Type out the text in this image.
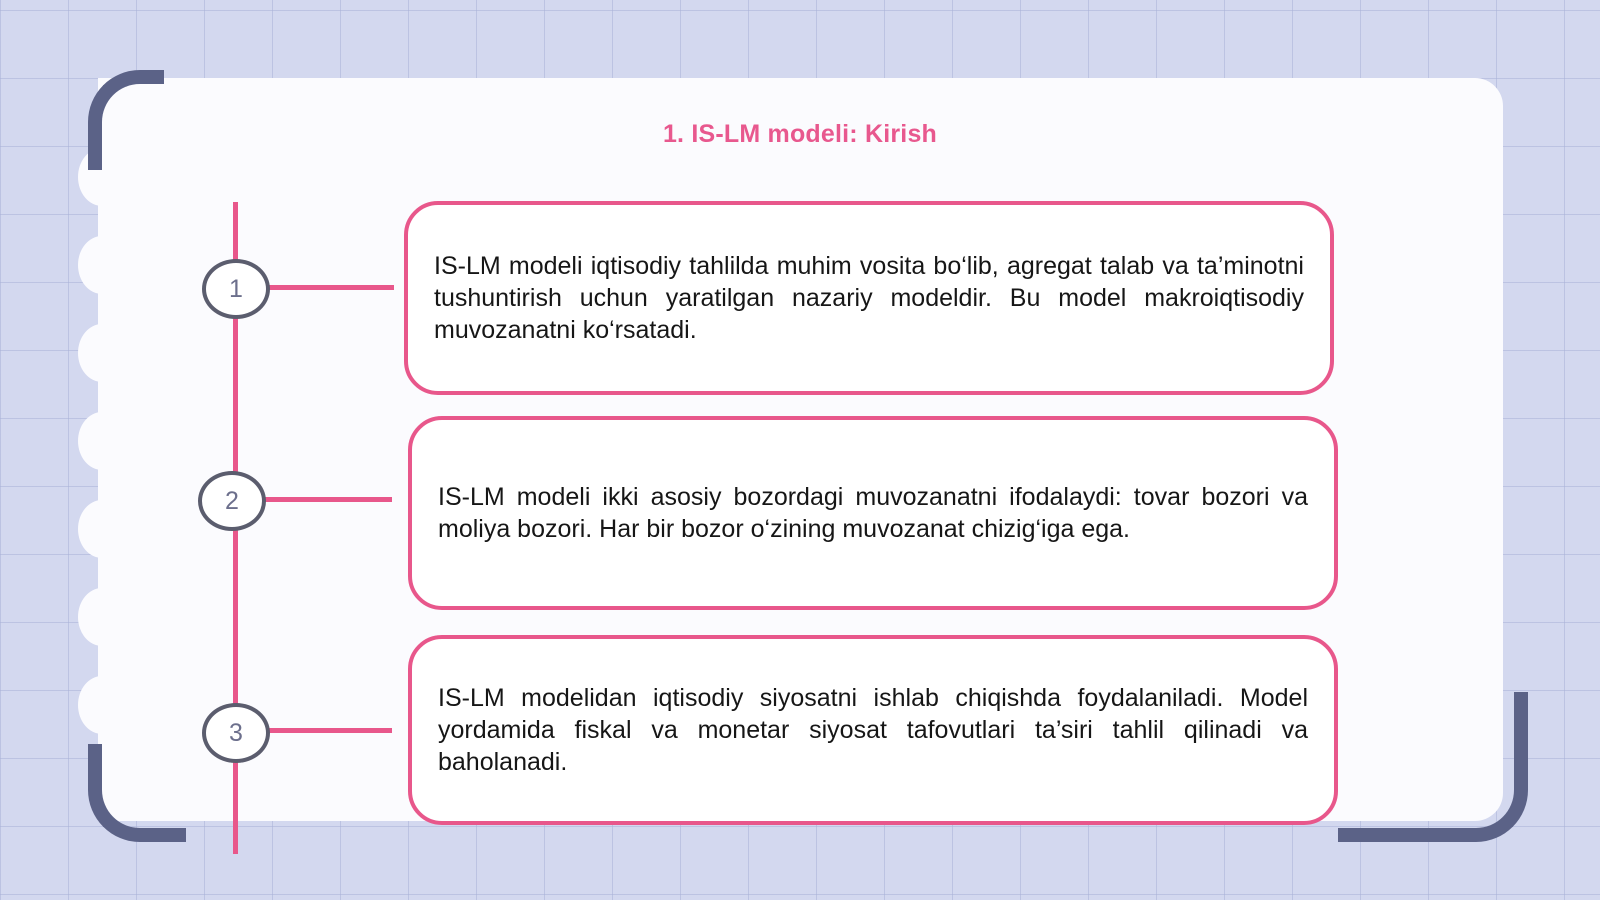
1. IS-LM modeli: Kirish
1
2
3

IS-LM modeli iqtisodiy tahlilda muhim vosita bo‘lib, agregat talab va ta’minotni tushuntirish uchun yaratilgan nazariy modeldir. Bu model makroiqtisodiy muvozanatni ko‘rsatadi.

IS-LM modeli ikki asosiy bozordagi muvozanatni ifodalaydi: tovar bozori va moliya bozori. Har bir bozor o‘zining muvozanat chizig‘iga ega.

IS-LM modelidan iqtisodiy siyosatni ishlab chiqishda foydalaniladi. Model yordamida fiskal va monetar siyosat tafovutlari ta’siri tahlil qilinadi va baholanadi.
